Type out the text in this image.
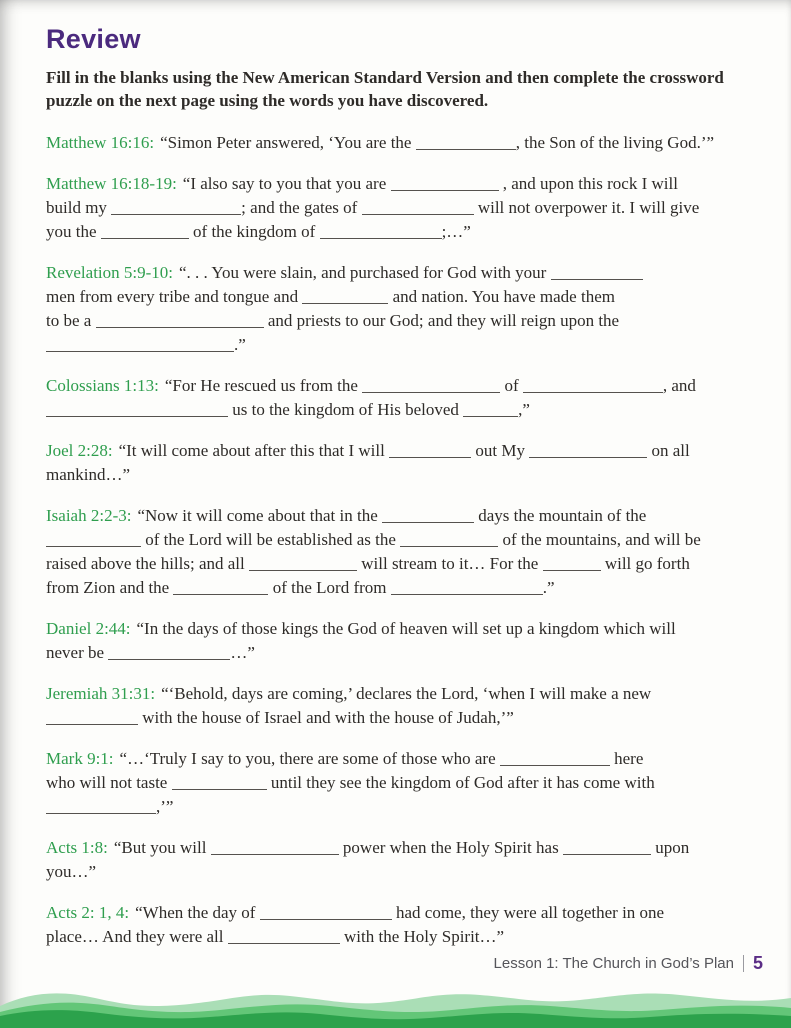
Review

Fill in the blanks using the New American Standard Version and then complete the crossword puzzle on the next page using the words you have discovered.

Matthew 16:16: “Simon Peter answered, ‘You are the	, the Son of the living God.’”
Matthew 16:18-19: “I also say to you that you are	, and upon this rock I will
build my	; and the gates of	will not overpower it. I will give
you the	of the kingdom of	;…”
Revelation 5:9-10: “. . . You were slain, and purchased for God with your
men from every tribe and tongue and	and nation. You have made them
to be a	and priests to our God; and they will reign upon the
.”
Colossians 1:13: “For He rescued us from the	of	, and
us to the kingdom of His beloved	,”
Joel 2:28: “It will come about after this that I will	out My	on all
mankind…”
Isaiah 2:2-3: “Now it will come about that in the	days the mountain of the
of the Lord will be established as the	of the mountains, and will be
raised above the hills; and all	will stream to it… For the	will go forth
from Zion and the	of the Lord from	.”
Daniel 2:44: “In the days of those kings the God of heaven will set up a kingdom which will
never be	…”
Jeremiah 31:31: “‘Behold, days are coming,’ declares the Lord, ‘when I will make a new
with the house of Israel and with the house of Judah,’”
Mark 9:1: “…‘Truly I say to you, there are some of those who are	here
who will not taste	until they see the kingdom of God after it has come with
,’”
Acts 1:8: “But you will	power when the Holy Spirit has	upon
you…”
Acts 2: 1, 4: “When the day of	had come, they were all together in one
place… And they were all	with the Holy Spirit…”
Lesson 1: The Church in God’s Plan 5
